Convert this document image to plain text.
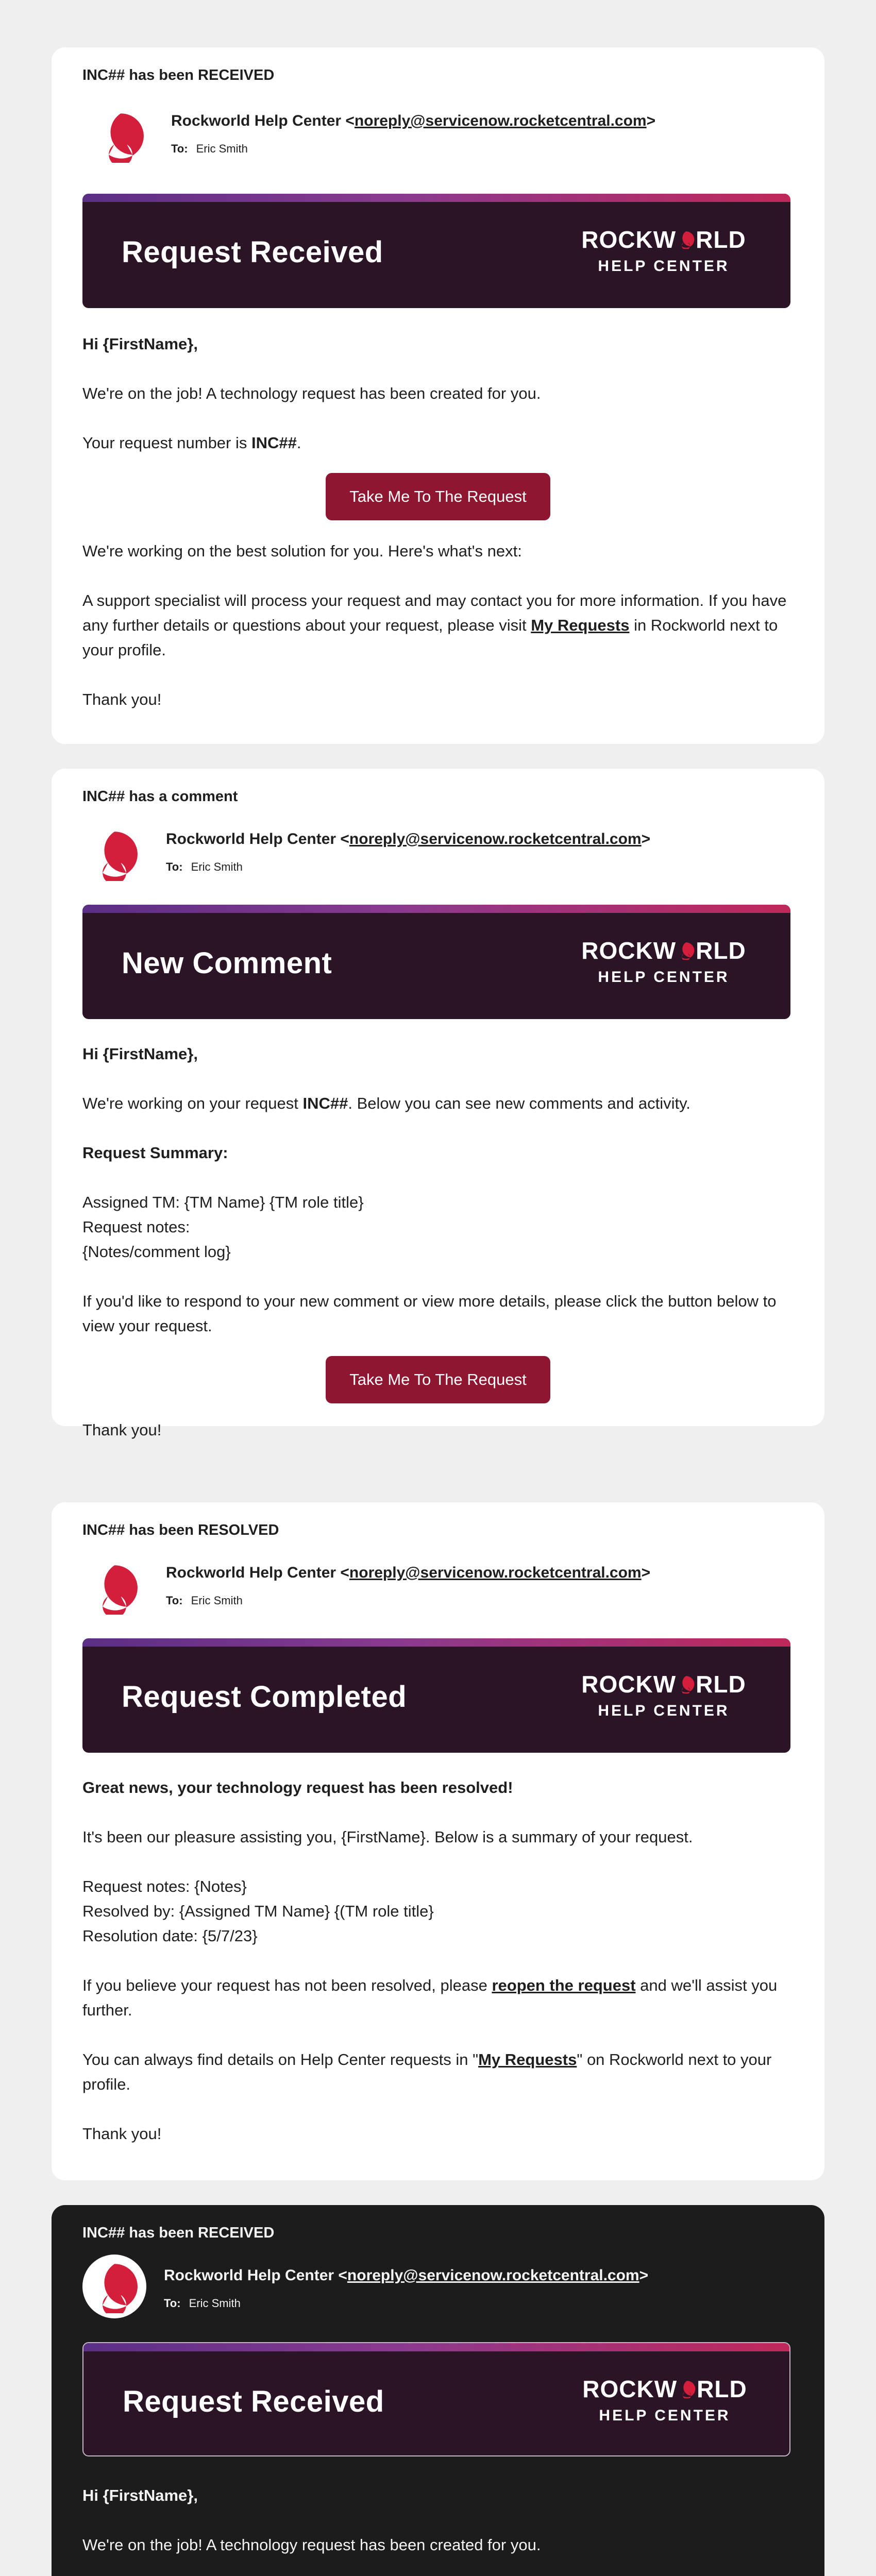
INC## has been RECEIVED
Rockworld Help Center <noreply@servicenow.rocketcentral.com>
To: Eric Smith
Request Received	ROCKW RLD
HELP CENTER
Hi {FirstName},
We're on the job! A technology request has been created for you.
Your request number is INC##.
Take Me To The Request
We're working on the best solution for you. Here's what's next:
A support specialist will process your request and may contact you for more information. If you have any further details or questions about your request, please visit My Requests in Rockworld next to your profile.
Thank you!
INC## has a comment
Rockworld Help Center <noreply@servicenow.rocketcentral.com>
To: Eric Smith
New Comment	ROCKW RLD
HELP CENTER
Hi {FirstName},
We're working on your request INC##. Below you can see new comments and activity.
Request Summary:
Assigned TM: {TM Name} {TM role title}
Request notes:
{Notes/comment log}
If you'd like to respond to your new comment or view more details, please click the button below to view your request.
Take Me To The Request
Thank you!
INC## has been RESOLVED
Rockworld Help Center <noreply@servicenow.rocketcentral.com>
To: Eric Smith
Request Completed	ROCKW RLD
HELP CENTER
Great news, your technology request has been resolved!
It's been our pleasure assisting you, {FirstName}. Below is a summary of your request.
Request notes: {Notes}
Resolved by: {Assigned TM Name} {(TM role title}
Resolution date: {5/7/23}
If you believe your request has not been resolved, please reopen the request and we'll assist you further.
You can always find details on Help Center requests in "My Requests" on Rockworld next to your profile.
Thank you!
INC## has been RECEIVED
Rockworld Help Center <noreply@servicenow.rocketcentral.com>
To: Eric Smith
Request Received	ROCKW RLD
HELP CENTER
Hi {FirstName},
We're on the job! A technology request has been created for you.
